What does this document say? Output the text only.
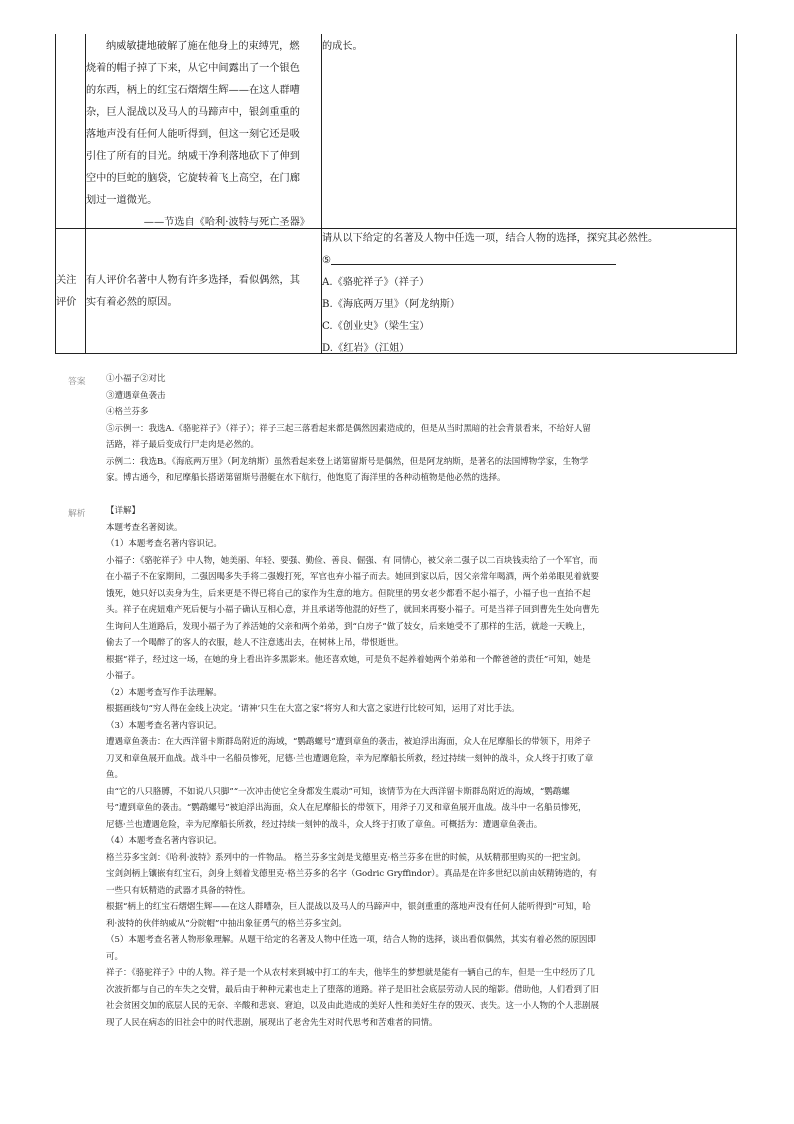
纳威敏捷地破解了施在他身上的束缚咒，燃
烧着的帽子掉了下来，从它中间露出了一个银色
的东西，柄上的红宝石熠熠生辉——在这人群嘈
杂，巨人混战以及马人的马蹄声中，银剑重重的
落地声没有任何人能听得到，但这一刻它还是吸
引住了所有的目光。纳威干净利落地砍下了伸到
空中的巨蛇的脑袋，它旋转着飞上高空，在门廊
划过一道微光。
——节选自《哈利·波特与死亡圣器》
的成长。
关注
评价
有人评价名著中人物有许多选择，看似偶然，其
实有着必然的原因。
请从以下给定的名著及人物中任选一项，结合人物的选择，探究其必然性。
⑤
A.《骆驼祥子》（祥子）
B.《海底两万里》（阿龙纳斯）
C.《创业史》（梁生宝）
D.《红岩》（江姐）
答案 ①小福子②对比
③遭遇章鱼袭击
④格兰芬多
⑤示例一：我选A.《骆驼祥子》（祥子）；祥子三起三落看起来都是偶然因素造成的，但是从当时黑暗的社会背景看来，不给好人留
活路，祥子最后变成行尸走肉是必然的。
示例二：我选B。《海底两万里》（阿龙纳斯）虽然看起来登上诺第留斯号是偶然，但是阿龙纳斯，是著名的法国博物学家，生物学
家。博古通今，和尼摩船长搭诺第留斯号潜艇在水下航行，他饱览了海洋里的各种动植物是他必然的选择。
解析 【详解】
本题考查名著阅读。
（1）本题考查名著内容识记。
小福子：《骆驼祥子》中人物，她美丽、年轻、要强、勤俭、善良、倔强、有 同情心，被父亲二强子以二百块钱卖给了一个军官，而
在小福子不在家期间，二强因喝多失手将二强嫂打死，军官也弃小福子而去。她回到家以后，因父亲常年喝酒，两个弟弟眼见着就要
饿死，她只好以卖身为生，后来更是不得已将自己的家作为生意的地方。但院里的男女老少都看不起小福子，小福子也一直抬不起
头。祥子在虎妞难产死后便与小福子确认互相心意，并且承诺等他混的好些了，就回来再娶小福子。可是当祥子回到曹先生处向曹先
生询问人生道路后，发现小福子为了养活她的父亲和两个弟弟，到“白房子”做了妓女，后来她受不了那样的生活，就趁一天晚上，
偷去了一个喝醉了的客人的衣服，趁人不注意逃出去，在树林上吊，带恨逝世。
根据“祥子，经过这一场，在她的身上看出许多黑影来。他还喜欢她，可是负不起养着她两个弟弟和一个醉爸爸的责任”可知，她是
小福子。
（2）本题考查写作手法理解。
根据画线句“穷人得在金线上决定。‘请神’只生在大富之家”将穷人和大富之家进行比较可知，运用了对比手法。
（3）本题考查名著内容识记。
遭遇章鱼袭击：在大西洋留卡斯群岛附近的海域，“鹦鹉螺号”遭到章鱼的袭击，被迫浮出海面，众人在尼摩船长的带领下，用斧子
刀叉和章鱼展开血战。战斗中一名船员惨死，尼德·兰也遭遇危险，幸为尼摩船长所救，经过持续一刻钟的战斗，众人终于打败了章
鱼。
由“它的八只胳膊，不如说八只脚”“一次冲击使它全身都发生震动”可知，该情节为在大西洋留卡斯群岛附近的海域，“鹦鹉螺
号”遭到章鱼的袭击。“鹦鹉螺号”被迫浮出海面，众人在尼摩船长的带领下，用斧子刀叉和章鱼展开血战。战斗中一名船员惨死，
尼德·兰也遭遇危险，幸为尼摩船长所救，经过持续一刻钟的战斗，众人终于打败了章鱼。可概括为：遭遇章鱼袭击。
（4）本题考查名著内容识记。
格兰芬多宝剑：《哈利·波特》系列中的一件物品。 格兰芬多宝剑是戈德里克·格兰芬多在世的时候，从妖精那里购买的一把宝剑。
宝剑剑柄上镶嵌有红宝石，剑身上刻着戈德里克·格兰芬多的名字（Godric Gryffindor）。真品是在许多世纪以前由妖精铸造的，有
一些只有妖精造的武器才具备的特性。
根据“柄上的红宝石熠熠生辉——在这人群嘈杂，巨人混战以及马人的马蹄声中，银剑重重的落地声没有任何人能听得到”可知，哈
利·波特的伙伴纳威从“分院帽”中抽出象征勇气的格兰芬多宝剑。
（5）本题考查名著人物形象理解。从题干给定的名著及人物中任选一项，结合人物的选择，谈出看似偶然，其实有着必然的原因即
可。
祥子：《骆驼祥子》中的人物。祥子是一个从农村来到城中打工的车夫，他毕生的梦想就是能有一辆自己的车，但是一生中经历了几
次波折都与自己的车失之交臂，最后由于种种元素也走上了堕落的道路。祥子是旧社会底层劳动人民的缩影。借助他，人们看到了旧
社会贫困交加的底层人民的无奈、辛酸和悲哀、窘迫，以及由此造成的美好人性和美好生存的毁灭、丧失。这一小人物的个人悲剧展
现了人民在病态的旧社会中的时代悲剧，展现出了老舍先生对时代思考和苦难者的同情。
